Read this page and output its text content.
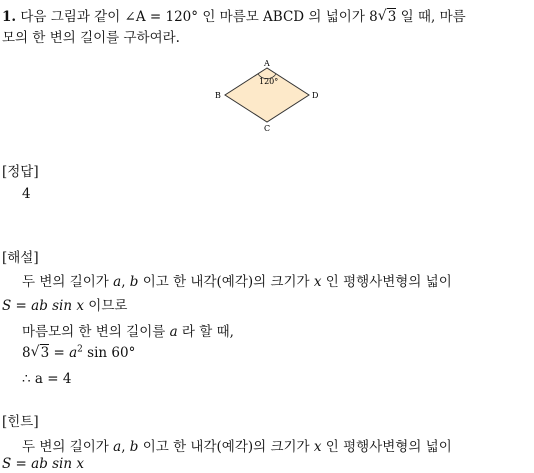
1. 다음 그림과 같이 ∠A = 120° 인 마름모 ABCD 의 넓이가 8 √ 3 일 때, 마름
모의 한 변의 길이를 구하여라.
A
B
C
D
120°
[정답]
4
[해설]
두 변의 길이가 a, b 이고 한 내각(예각)의 크기가 x 인 평행사변형의 넓이
S = ab sin x 이므로
마름모의 한 변의 길이를 a 라 할 때,
8 √ $3 = a^2$ sin 60°
∴ a = 4
[힌트]
두 변의 길이가 a, b 이고 한 내각(예각)의 크기가 x 인 평행사변형의 넓이
S = ab sin x
